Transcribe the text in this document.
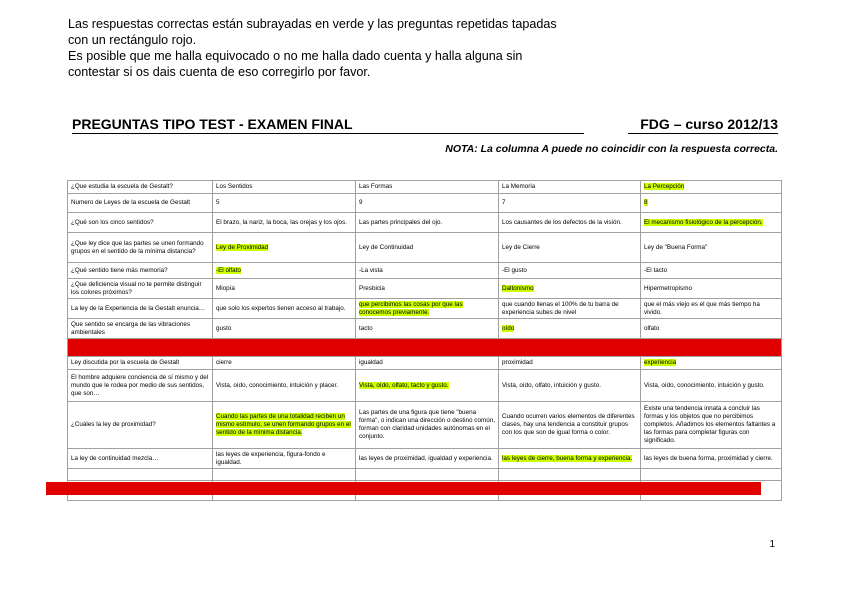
Las respuestas correctas están subrayadas en verde y las preguntas repetidas tapadas
con un rectángulo rojo.
Es posible que me halla equivocado o no me halla dado cuenta y halla alguna sin
contestar si os dais cuenta de eso corregirlo por favor.
PREGUNTAS TIPO TEST - EXAMEN FINAL	FDG – curso 2012/13
NOTA: La columna A puede no coincidir con la respuesta correcta.
¿Que estudia la escuela de Gestalt?	Los Sentidos	Las Formas	La Memoria	La Percepción
Numero de Leyes de la escuela de Gestalt	5	9	7	8
¿Qué son los cinco sentidos?	El brazo, la nariz, la boca, las orejas y los ojos.	Las partes principales del ojo.	Los causantes de los defectos de la visión.	El mecanismo fisiológico de la percepción.
¿Que ley dice que las partes se unen formando grupos en el sentido de la mínima distancia?	Ley de Proximidad	Ley de Continuidad	Ley de Cierre	Ley de "Buena Forma"
¿Qué sentido tiene más memoria?	-El olfato	-La vista	-El gusto	-El tacto
¿Que deficiencia visual no te permite distinguir los colores próximos?	Miopía	Presbicia	Daltonismo	Hipermetropismo
La ley de la Experiencia de la Gestalt enuncia…	que solo los expertos tienen acceso al trabajo.	que percibimos las cosas por que las conocemos previamente.	que cuando llenas el 100% de tu barra de experiencia subes de nivel	que el más viejo es el que más tiempo ha vivido.
Que sentido se encarga de las vibraciones ambientales	gusto	tacto	oído	olfato

Ley discutida por la escuela de Gestalt	cierre	igualdad	proximidad	experiencia
El hombre adquiere conciencia de sí mismo y del mundo que le rodea por medio de sus sentidos, que son…	Vista, oído, conocimiento, intuición y placer.	Vista, oído, olfato, tacto y gusto.	Vista, oído, olfato, intuición y gusto.	Vista, oído, conocimiento, intuición y gusto.
¿Cuáles la ley de proximidad?	Cuando las partes de una totalidad reciben un mismo estímulo, se unen formando grupos en el sentido de la mínima distancia.	Las partes de una figura que tiene "buena forma", o indican una dirección o destino común, forman con claridad unidades autónomas en el conjunto.	Cuando ocurren varios elementos de diferentes clases, hay una tendencia a constituir grupos con los que son de igual forma o color.	Existe una tendencia innata a concluir las formas y los objetos que no percibimos completos. Añadimos los elementos faltantes a las formas para completar figuras con significado.
La ley de continuidad mezcla…	las leyes de experiencia, figura-fondo e igualdad.	las leyes de proximidad, igualdad y experiencia.	las leyes de cierre, buena forma y experiencia.	las leyes de buena forma, proximidad y cierre.

1
